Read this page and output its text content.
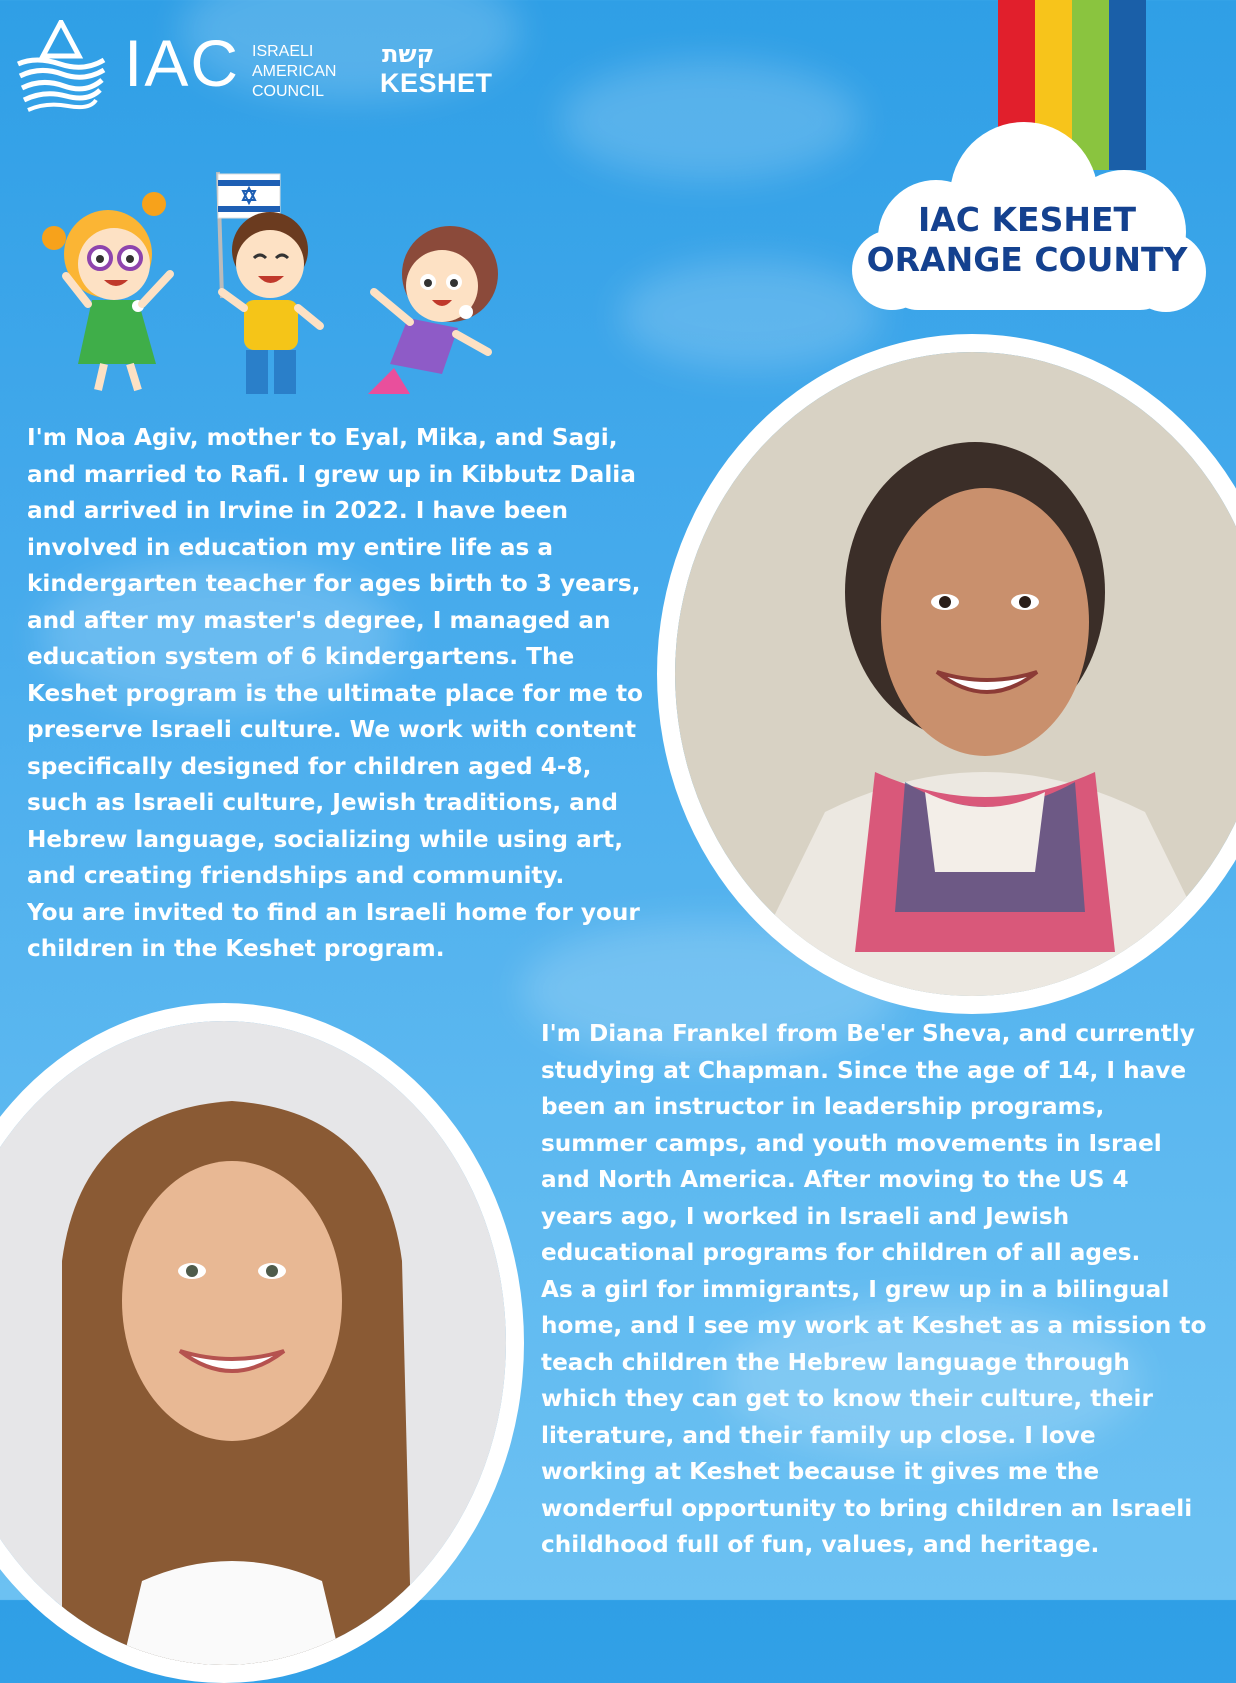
IAC ISRAELI
AMERICAN
COUNCIL
קשת
KESHET
IAC KESHET
ORANGE COUNTY

I'm Noa Agiv, mother to Eyal, Mika, and Sagi,

and married to Rafi. I grew up in Kibbutz Dalia

and arrived in Irvine in 2022. I have been

involved in education my entire life as a

kindergarten teacher for ages birth to 3 years,

and after my master's degree, I managed an

education system of 6 kindergartens. The

Keshet program is the ultimate place for me to

preserve Israeli culture. We work with content

specifically designed for children aged 4-8,

such as Israeli culture, Jewish traditions, and

Hebrew language, socializing while using art,

and creating friendships and community.

You are invited to find an Israeli home for your

children in the Keshet program.

I'm Diana Frankel from Be'er Sheva, and currently

studying at Chapman. Since the age of 14, I have

been an instructor in leadership programs,

summer camps, and youth movements in Israel

and North America. After moving to the US 4

years ago, I worked in Israeli and Jewish

educational programs for children of all ages.

As a girl for immigrants, I grew up in a bilingual

home, and I see my work at Keshet as a mission to

teach children the Hebrew language through

which they can get to know their culture, their

literature, and their family up close. I love

working at Keshet because it gives me the

wonderful opportunity to bring children an Israeli

childhood full of fun, values, and heritage.
